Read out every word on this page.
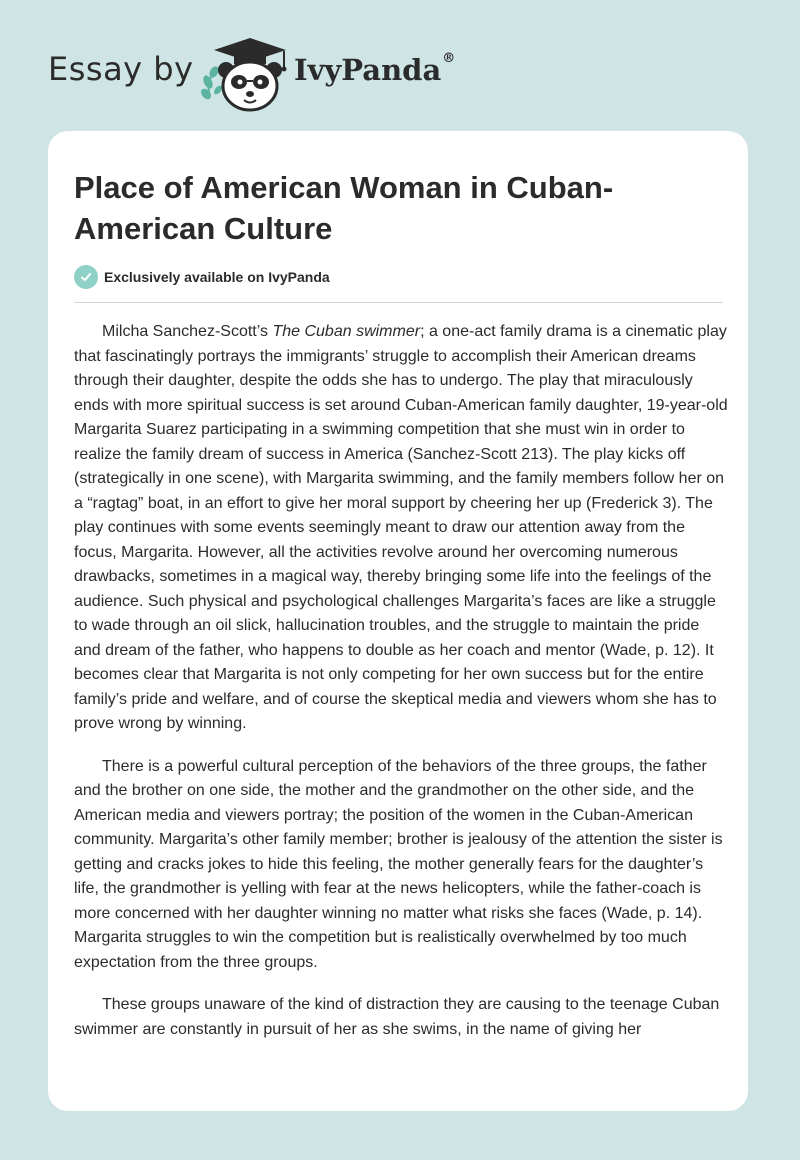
Essay by	IvyPanda®
Place of American Woman in Cuban-American Culture
Exclusively available on IvyPanda

Milcha Sanchez-Scott’s The Cuban swimmer; a one-act family drama is a cinematic play that fascinatingly portrays the immigrants’ struggle to accomplish their American dreams through their daughter, despite the odds she has to undergo. The play that miraculously ends with more spiritual success is set around Cuban-American family daughter, 19-year-old Margarita Suarez participating in a swimming competition that she must win in order to realize the family dream of success in America (Sanchez-Scott 213). The play kicks off (strategically in one scene), with Margarita swimming, and the family members follow her on a “ragtag” boat, in an effort to give her moral support by cheering her up (Frederick 3). The play continues with some events seemingly meant to draw our attention away from the focus, Margarita. However, all the activities revolve around her overcoming numerous drawbacks, sometimes in a magical way, thereby bringing some life into the feelings of the audience. Such physical and psychological challenges Margarita’s faces are like a struggle to wade through an oil slick, hallucination troubles, and the struggle to maintain the pride and dream of the father, who happens to double as her coach and mentor (Wade, p. 12). It becomes clear that Margarita is not only competing for her own success but for the entire family’s pride and welfare, and of course the skeptical media and viewers whom she has to prove wrong by winning.

There is a powerful cultural perception of the behaviors of the three groups, the father and the brother on one side, the mother and the grandmother on the other side, and the American media and viewers portray; the position of the women in the Cuban-American community. Margarita’s other family member; brother is jealousy of the attention the sister is getting and cracks jokes to hide this feeling, the mother generally fears for the daughter’s life, the grandmother is yelling with fear at the news helicopters, while the father-coach is more concerned with her daughter winning no matter what risks she faces (Wade, p. 14). Margarita struggles to win the competition but is realistically overwhelmed by too much expectation from the three groups.

These groups unaware of the kind of distraction they are causing to the teenage Cuban swimmer are constantly in pursuit of her as she swims, in the name of giving her
